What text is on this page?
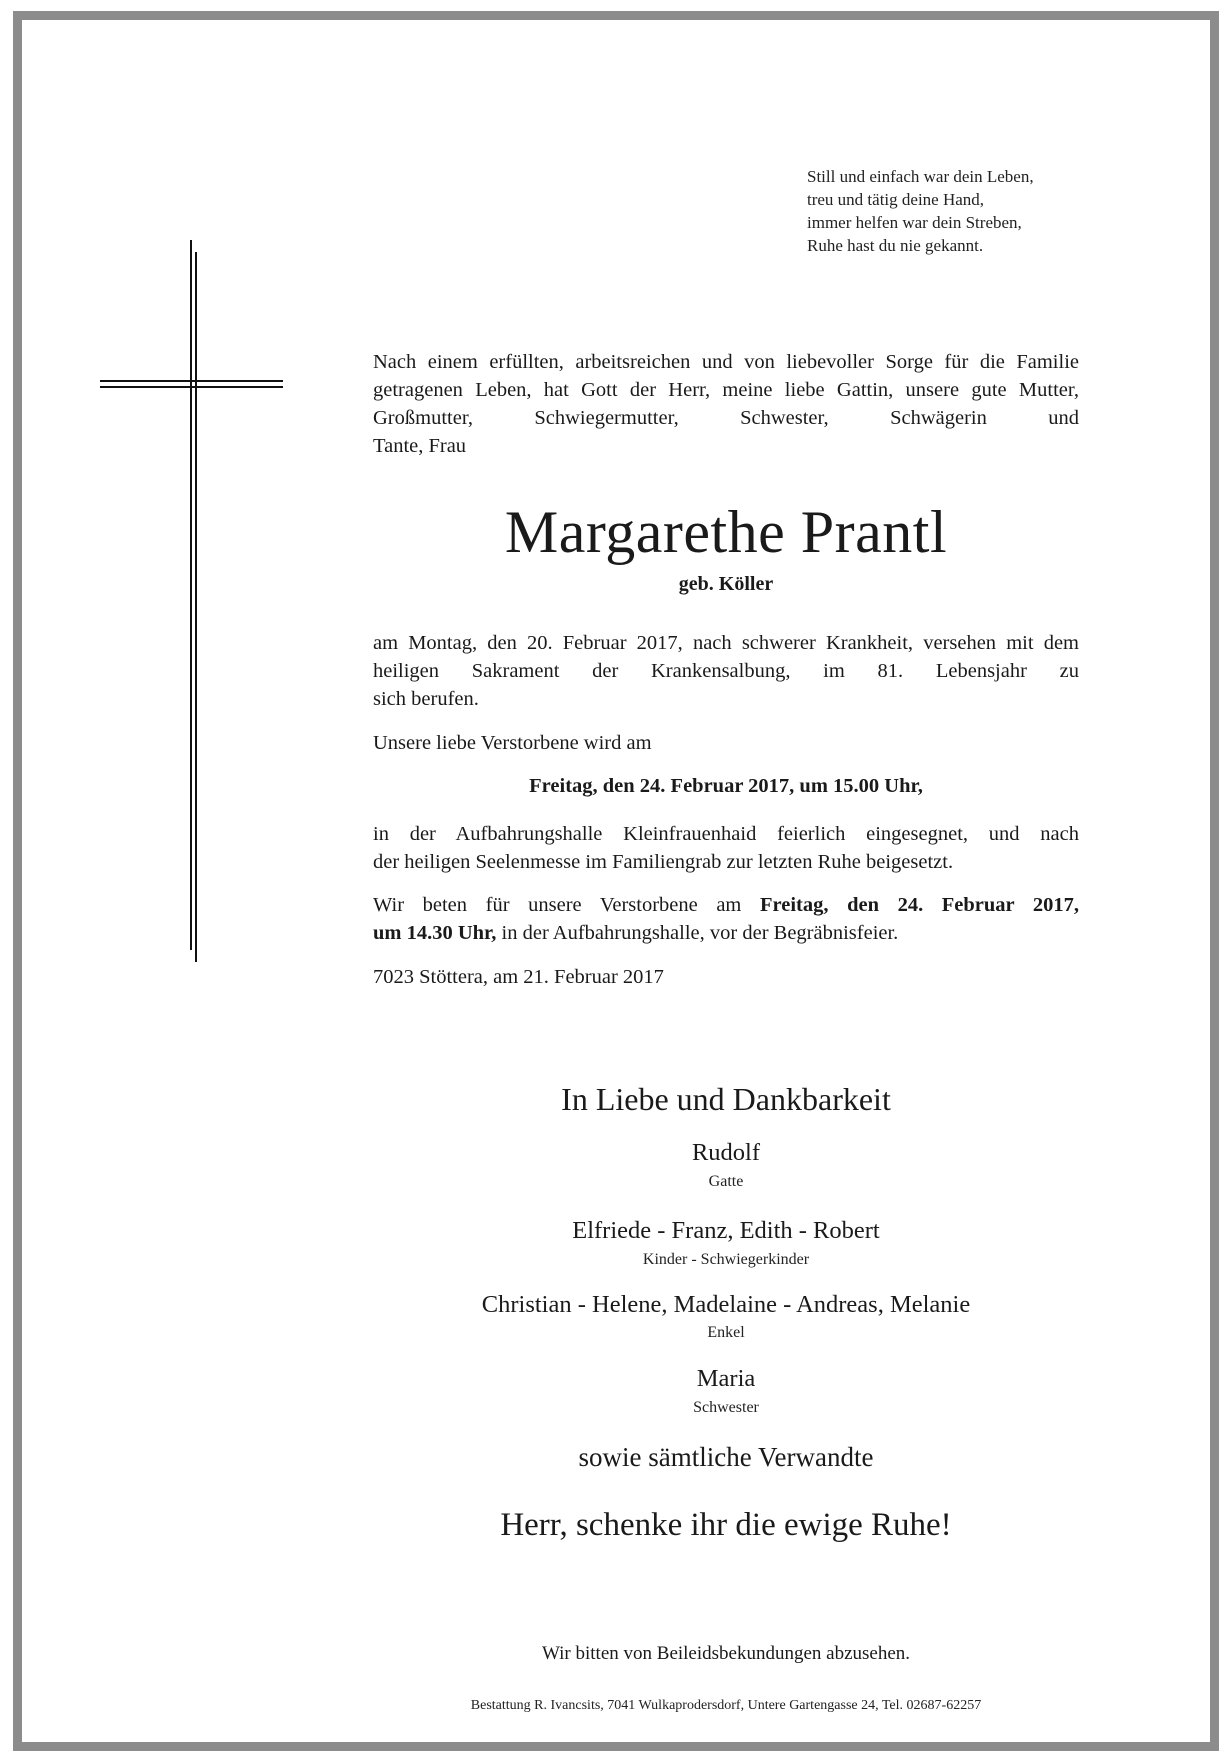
Still und einfach war dein Leben,
treu und tätig deine Hand,
immer helfen war dein Streben,
Ruhe hast du nie gekannt.
Nach einem erfüllten, arbeitsreichen und von liebevoller Sorge für die Familie getragenen Leben, hat Gott der Herr, meine liebe Gattin, unsere gute Mutter, Großmutter, Schwiegermutter, Schwester, Schwägerin und
Tante, Frau
Margarethe Prantl
geb. Köller
am Montag, den 20. Februar 2017, nach schwerer Krankheit, versehen mit dem heiligen Sakrament der Krankensalbung, im 81. Lebensjahr zu
sich berufen.
Unsere liebe Verstorbene wird am
Freitag, den 24. Februar 2017, um 15.00 Uhr,
in der Aufbahrungshalle Kleinfrauenhaid feierlich eingesegnet, und nach
der heiligen Seelenmesse im Familiengrab zur letzten Ruhe beigesetzt.
Wir beten für unsere Verstorbene am Freitag, den 24. Februar 2017,
um 14.30 Uhr, in der Aufbahrungshalle, vor der Begräbnisfeier.
7023 Stöttera, am 21. Februar 2017
In Liebe und Dankbarkeit
Rudolf
Gatte
Elfriede - Franz, Edith - Robert
Kinder - Schwiegerkinder
Christian - Helene, Madelaine - Andreas, Melanie
Enkel
Maria
Schwester
sowie sämtliche Verwandte
Herr, schenke ihr die ewige Ruhe!
Wir bitten von Beileidsbekundungen abzusehen.
Bestattung R. Ivancsits, 7041 Wulkaprodersdorf, Untere Gartengasse 24, Tel. 02687-62257
